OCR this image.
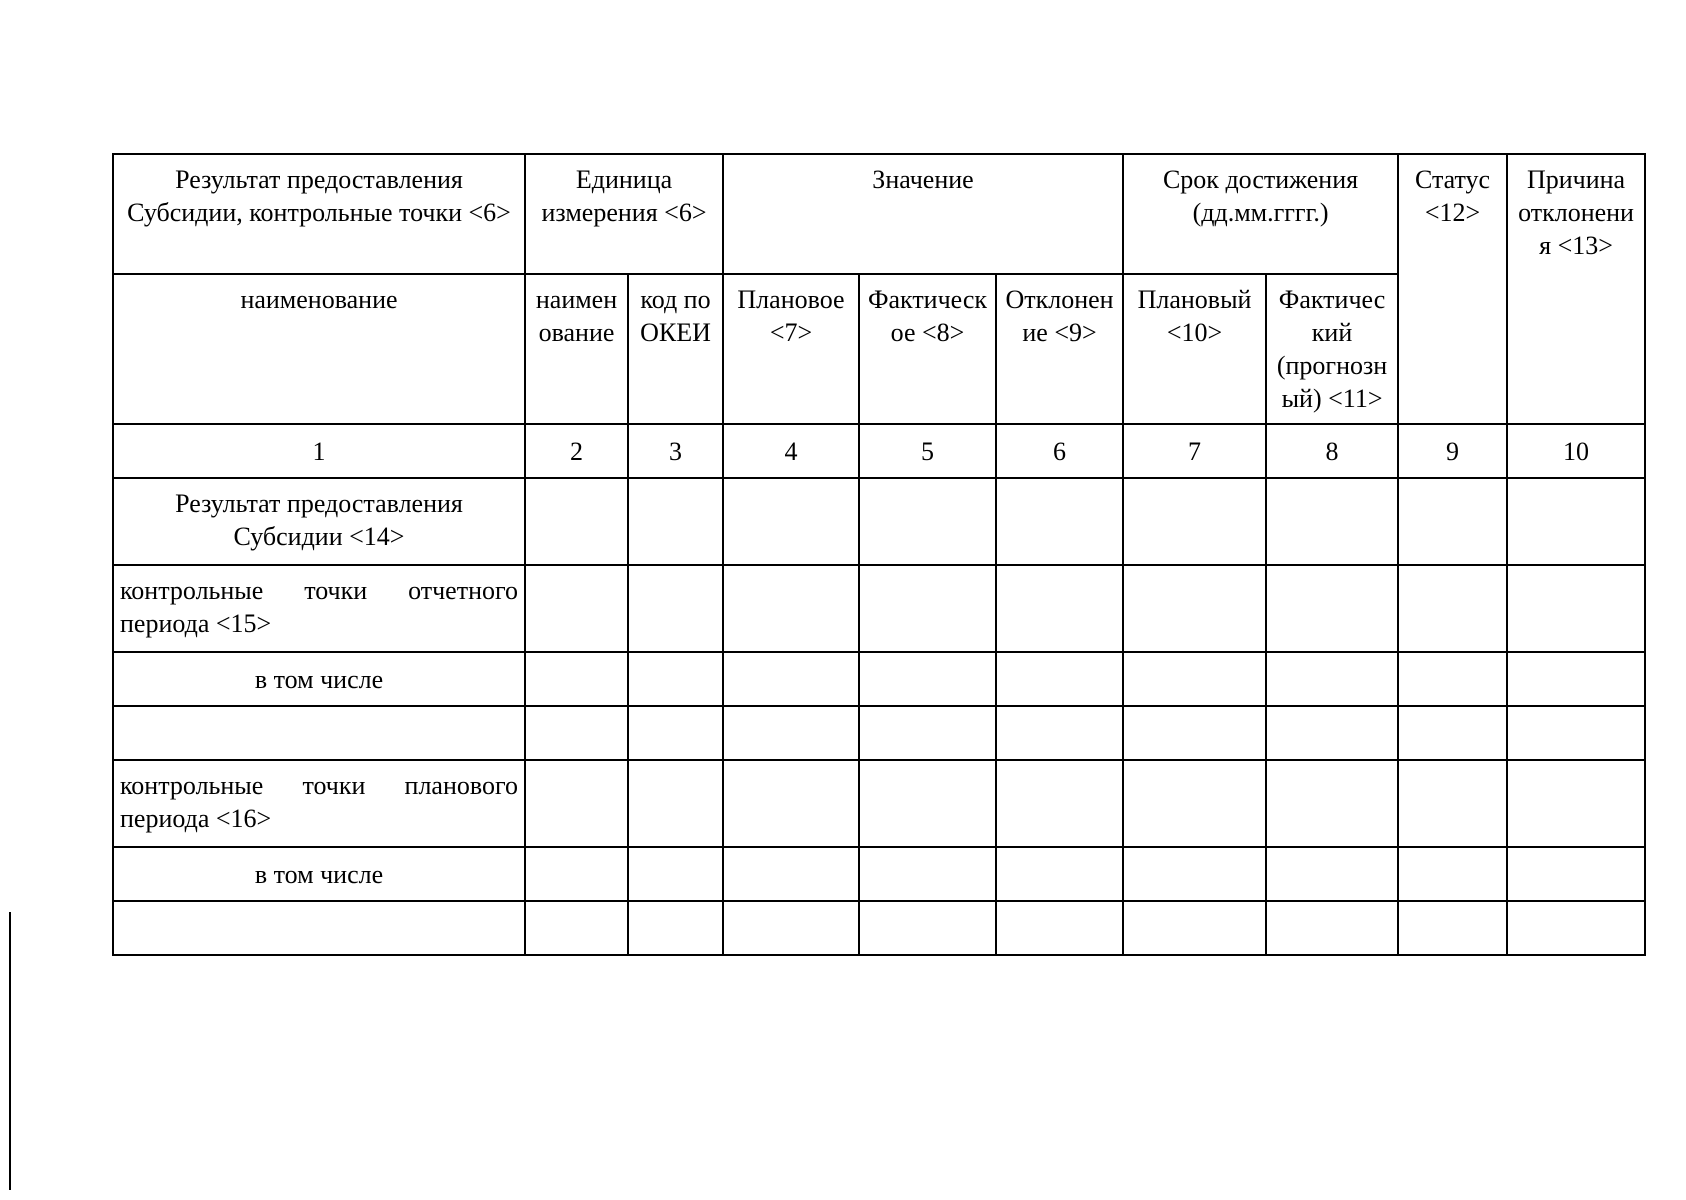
Результат предоставления Субсидии, контрольные точки <6>	Единица измерения <6>		Значение			Срок достижения (дд.мм.гггг.)		Статус <12>	Причина отклонения <13>
наименование	наименование	код по ОКЕИ	Плановое <7>	Фактическое <8>	Отклонение <9>	Плановый <10>	Фактический (прогнозный) <11>		
1	2	3	4	5	6	7	8	9	10
Результат предоставления Субсидии <14>									
контрольные точки отчетного периода <15>									
в том числе									

контрольные точки планового периода <16>									
в том числе									
